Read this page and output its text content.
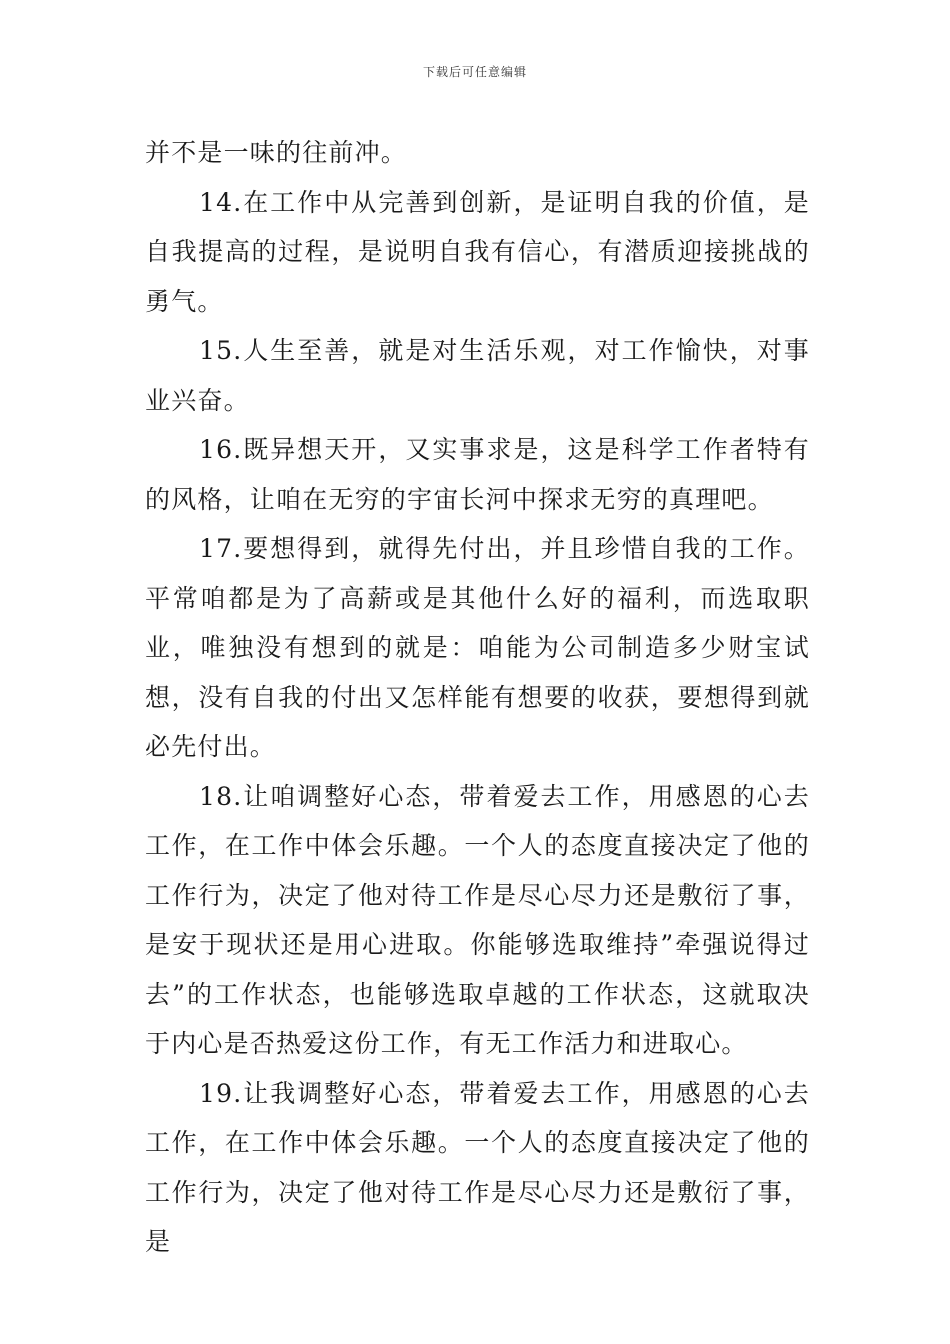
下载后可任意编辑

并不是一味的往前冲。

14.在工作中从完善到创新，是证明自我的价值，是自我提高的过程，是说明自我有信心，有潜质迎接挑战的勇气。

15.人生至善，就是对生活乐观，对工作愉快，对事业兴奋。

16.既异想天开，又实事求是，这是科学工作者特有的风格，让咱在无穷的宇宙长河中探求无穷的真理吧。

17.要想得到，就得先付出，并且珍惜自我的工作。平常咱都是为了高薪或是其他什么好的福利，而选取职业，唯独没有想到的就是：咱能为公司制造多少财宝试想，没有自我的付出又怎样能有想要的收获，要想得到就必先付出。

18.让咱调整好心态，带着爱去工作，用感恩的心去工作，在工作中体会乐趣。一个人的态度直接决定了他的工作行为，决定了他对待工作是尽心尽力还是敷衍了事，是安于现状还是用心进取。你能够选取维持”牵强说得过去”的工作状态，也能够选取卓越的工作状态，这就取决于内心是否热爱这份工作，有无工作活力和进取心。

19.让我调整好心态，带着爱去工作，用感恩的心去工作，在工作中体会乐趣。一个人的态度直接决定了他的工作行为，决定了他对待工作是尽心尽力还是敷衍了事，是
